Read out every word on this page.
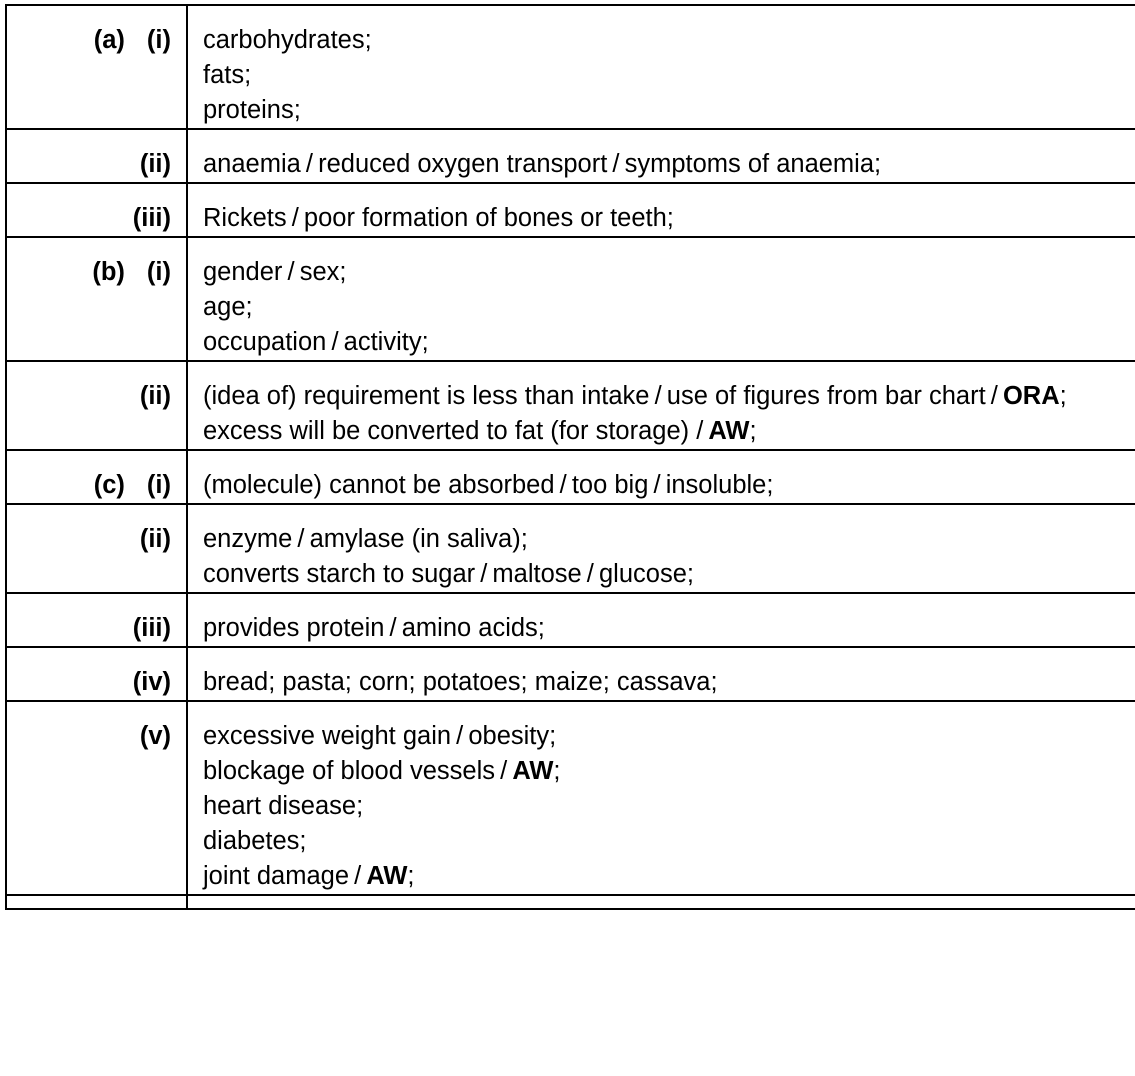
(a) (i)	carbohydrates;
fats;
proteins;

(ii)	anaemia / reduced oxygen transport / symptoms of anaemia;

(iii)	Rickets / poor formation of bones or teeth;

(b) (i)	gender / sex;
age;
occupation / activity;

(ii)	(idea of) requirement is less than intake / use of figures from bar chart / ORA;
excess will be converted to fat (for storage) / AW;

(c) (i)	(molecule) cannot be absorbed / too big / insoluble;

(ii)	enzyme / amylase (in saliva);
converts starch to sugar / maltose / glucose;

(iii)	provides protein / amino acids;

(iv)	bread; pasta; corn; potatoes; maize; cassava;

(v)	excessive weight gain / obesity;
blockage of blood vessels / AW;
heart disease;
diabetes;
joint damage / AW;
